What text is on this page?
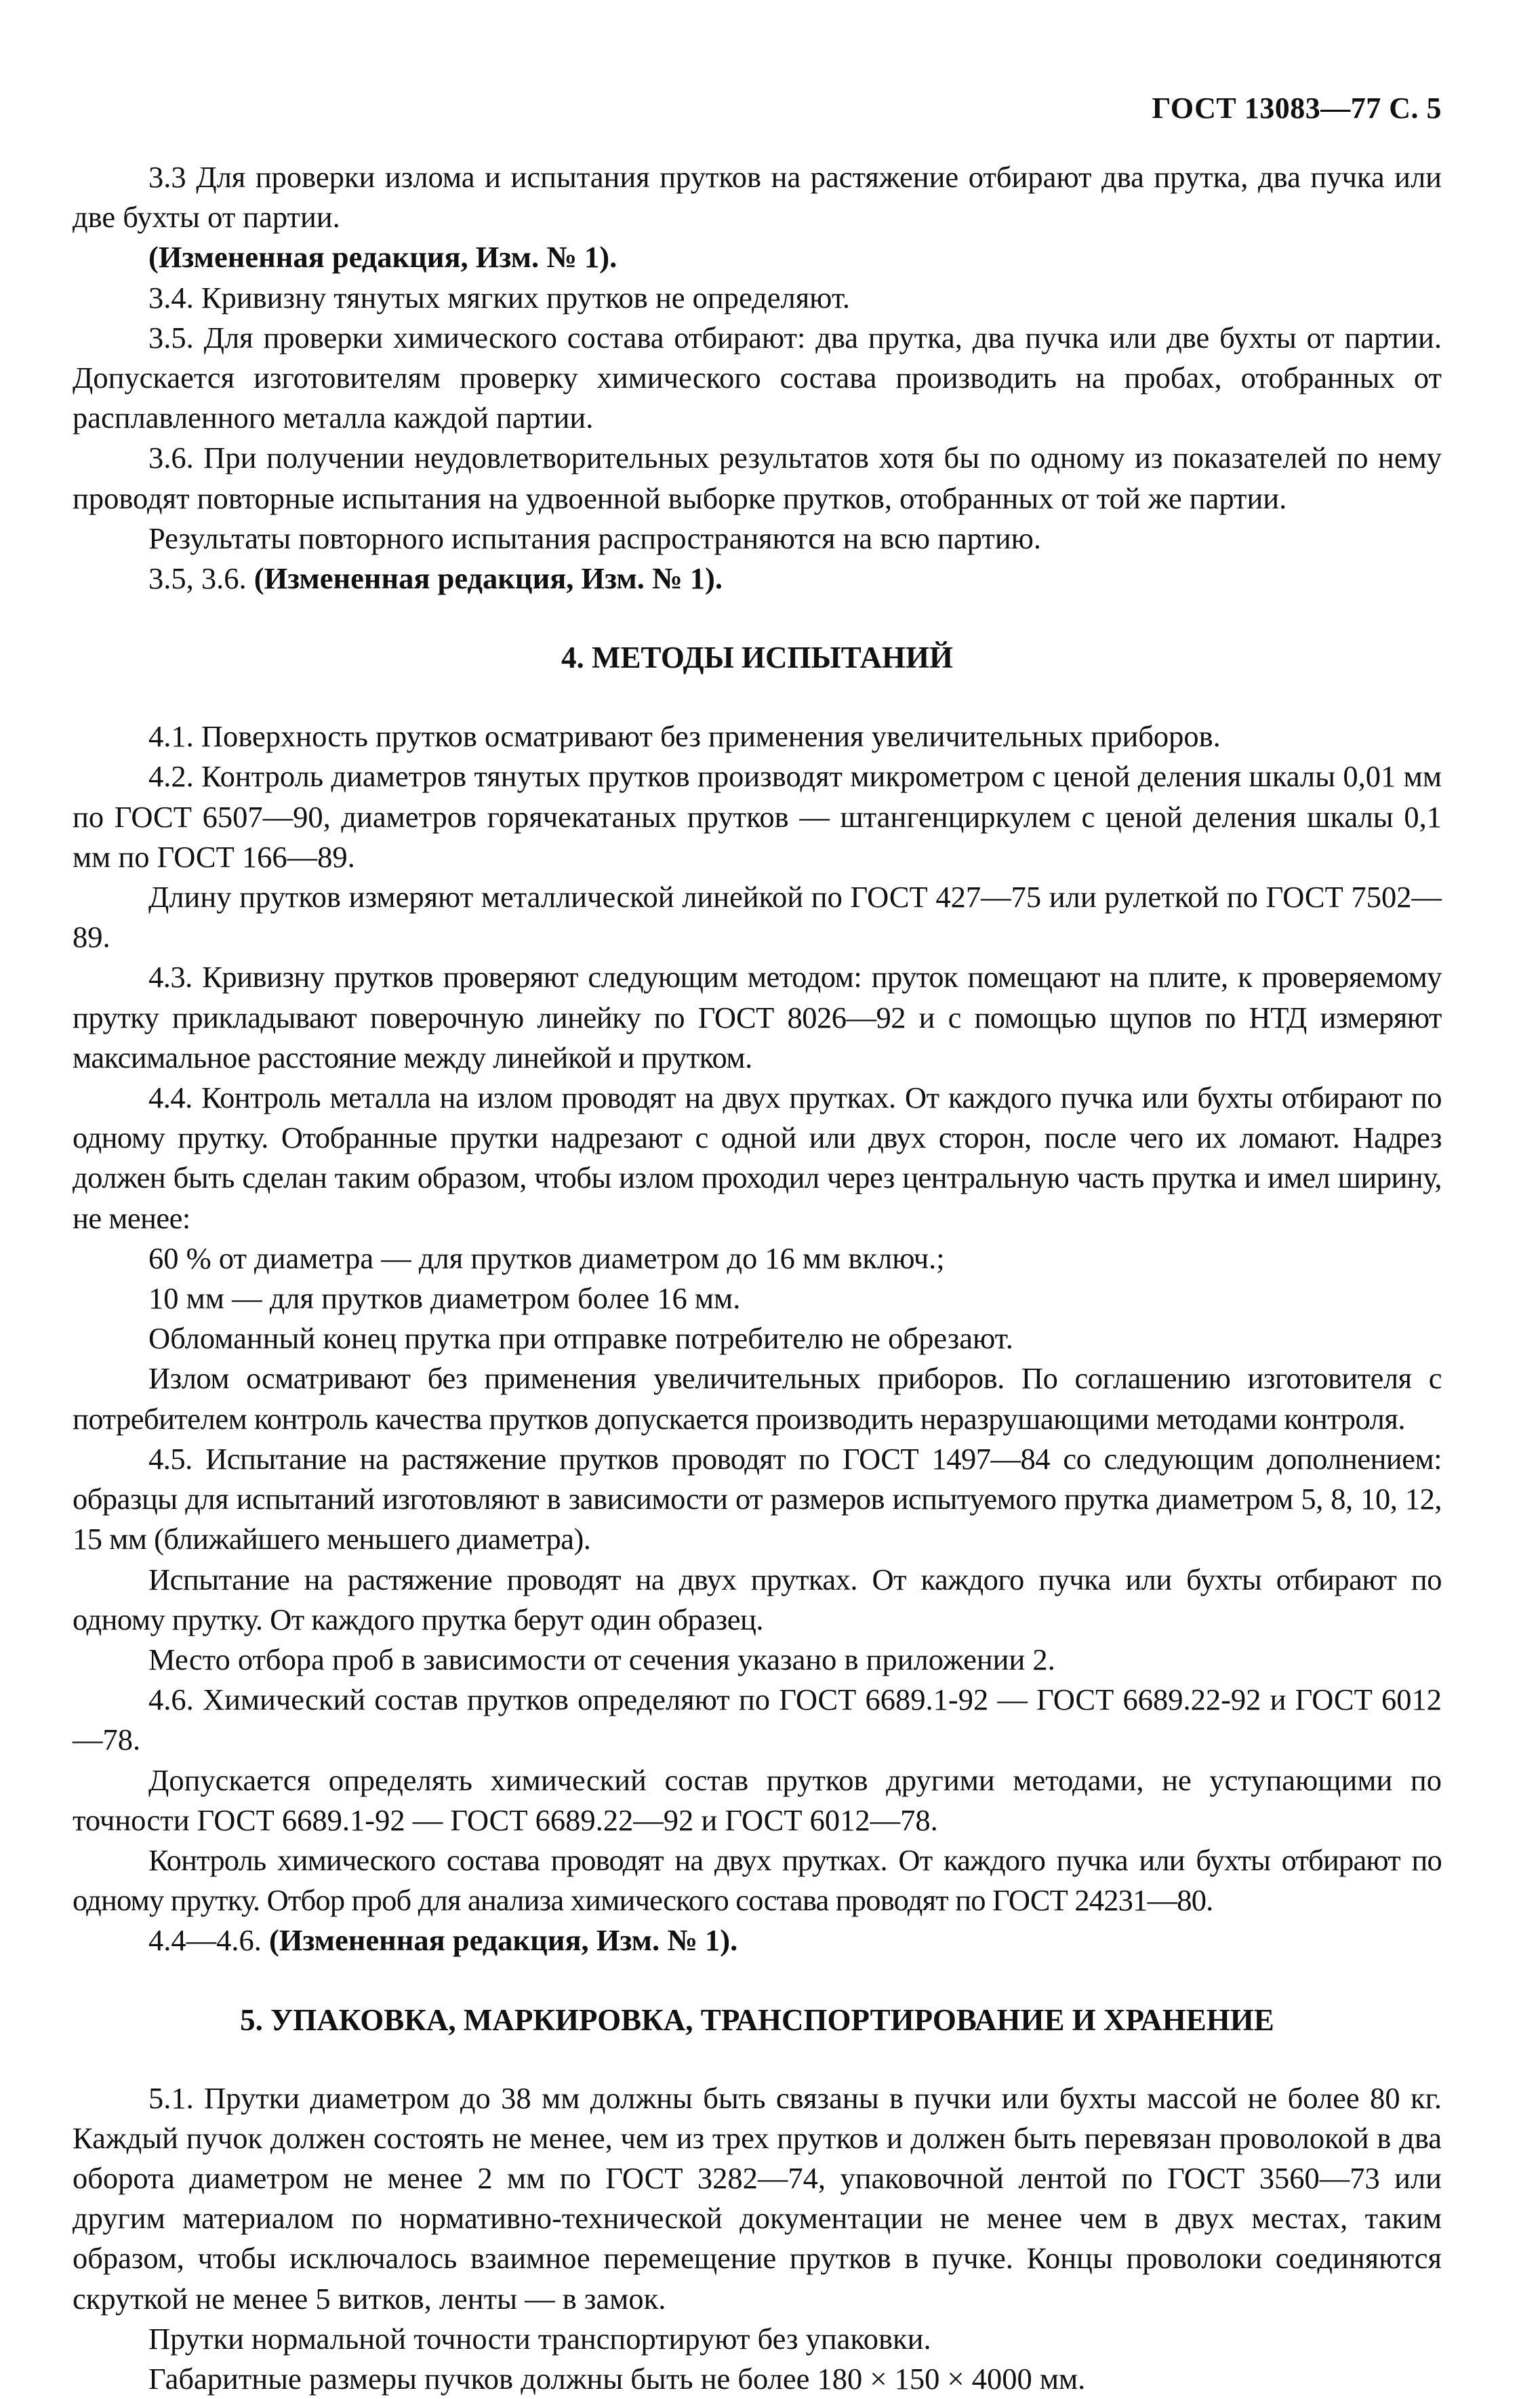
ГОСТ 13083—77 С. 5

3.3 Для проверки излома и испытания прутков на растяжение отбирают два прутка, два пучка или две бухты от партии.

(Измененная редакция, Изм. № 1).

3.4. Кривизну тянутых мягких прутков не определяют.

3.5. Для проверки химического состава отбирают: два прутка, два пучка или две бухты от партии. Допускается изготовителям проверку химического состава производить на пробах, отобранных от расплавленного металла каждой партии.

3.6. При получении неудовлетворительных результатов хотя бы по одному из показателей по нему проводят повторные испытания на удвоенной выборке прутков, отобранных от той же партии.

Результаты повторного испытания распространяются на всю партию.

3.5, 3.6. (Измененная редакция, Изм. № 1).

4. МЕТОДЫ ИСПЫТАНИЙ

4.1. Поверхность прутков осматривают без применения увеличительных приборов.

4.2. Контроль диаметров тянутых прутков производят микрометром с ценой деления шкалы 0,01 мм по ГОСТ 6507—90, диаметров горячекатаных прутков — штангенциркулем с ценой деления шкалы 0,1 мм по ГОСТ 166—89.

Длину прутков измеряют металлической линейкой по ГОСТ 427—75 или рулеткой по ГОСТ 7502—89.

4.3. Кривизну прутков проверяют следующим методом: пруток помещают на плите, к проверяемому прутку прикладывают поверочную линейку по ГОСТ 8026—92 и с помощью щупов по НТД измеряют максимальное расстояние между линейкой и прутком.

4.4. Контроль металла на излом проводят на двух прутках. От каждого пучка или бухты отбирают по одному прутку. Отобранные прутки надрезают с одной или двух сторон, после чего их ломают. Надрез должен быть сделан таким образом, чтобы излом проходил через центральную часть прутка и имел ширину, не менее:

60 % от диаметра — для прутков диаметром до 16 мм включ.;

10 мм — для прутков диаметром более 16 мм.

Обломанный конец прутка при отправке потребителю не обрезают.

Излом осматривают без применения увеличительных приборов. По соглашению изготовителя с потребителем контроль качества прутков допускается производить неразрушающими методами контроля.

4.5. Испытание на растяжение прутков проводят по ГОСТ 1497—84 со следующим дополнением: образцы для испытаний изготовляют в зависимости от размеров испытуемого прутка диаметром 5, 8, 10, 12, 15 мм (ближайшего меньшего диаметра).

Испытание на растяжение проводят на двух прутках. От каждого пучка или бухты отбирают по одному прутку. От каждого прутка берут один образец.

Место отбора проб в зависимости от сечения указано в приложении 2.

4.6. Химический состав прутков определяют по ГОСТ 6689.1-92 — ГОСТ 6689.22-92 и ГОСТ 6012—78.

Допускается определять химический состав прутков другими методами, не уступающими по точности ГОСТ 6689.1-92 — ГОСТ 6689.22—92 и ГОСТ 6012—78.

Контроль химического состава проводят на двух прутках. От каждого пучка или бухты отбирают по одному прутку. Отбор проб для анализа химического состава проводят по ГОСТ 24231—80.

4.4—4.6. (Измененная редакция, Изм. № 1).

5. УПАКОВКА, МАРКИРОВКА, ТРАНСПОРТИРОВАНИЕ И ХРАНЕНИЕ

5.1. Прутки диаметром до 38 мм должны быть связаны в пучки или бухты массой не более 80 кг. Каждый пучок должен состоять не менее, чем из трех прутков и должен быть перевязан проволокой в два оборота диаметром не менее 2 мм по ГОСТ 3282—74, упаковочной лентой по ГОСТ 3560—73 или другим материалом по нормативно-технической документации не менее чем в двух местах, таким образом, чтобы исключалось взаимное перемещение прутков в пучке. Концы проволоки соединяются скруткой не менее 5 витков, ленты — в замок.

Прутки нормальной точности транспортируют без упаковки.

Габаритные размеры пучков должны быть не более 180 × 150 × 4000 мм.
